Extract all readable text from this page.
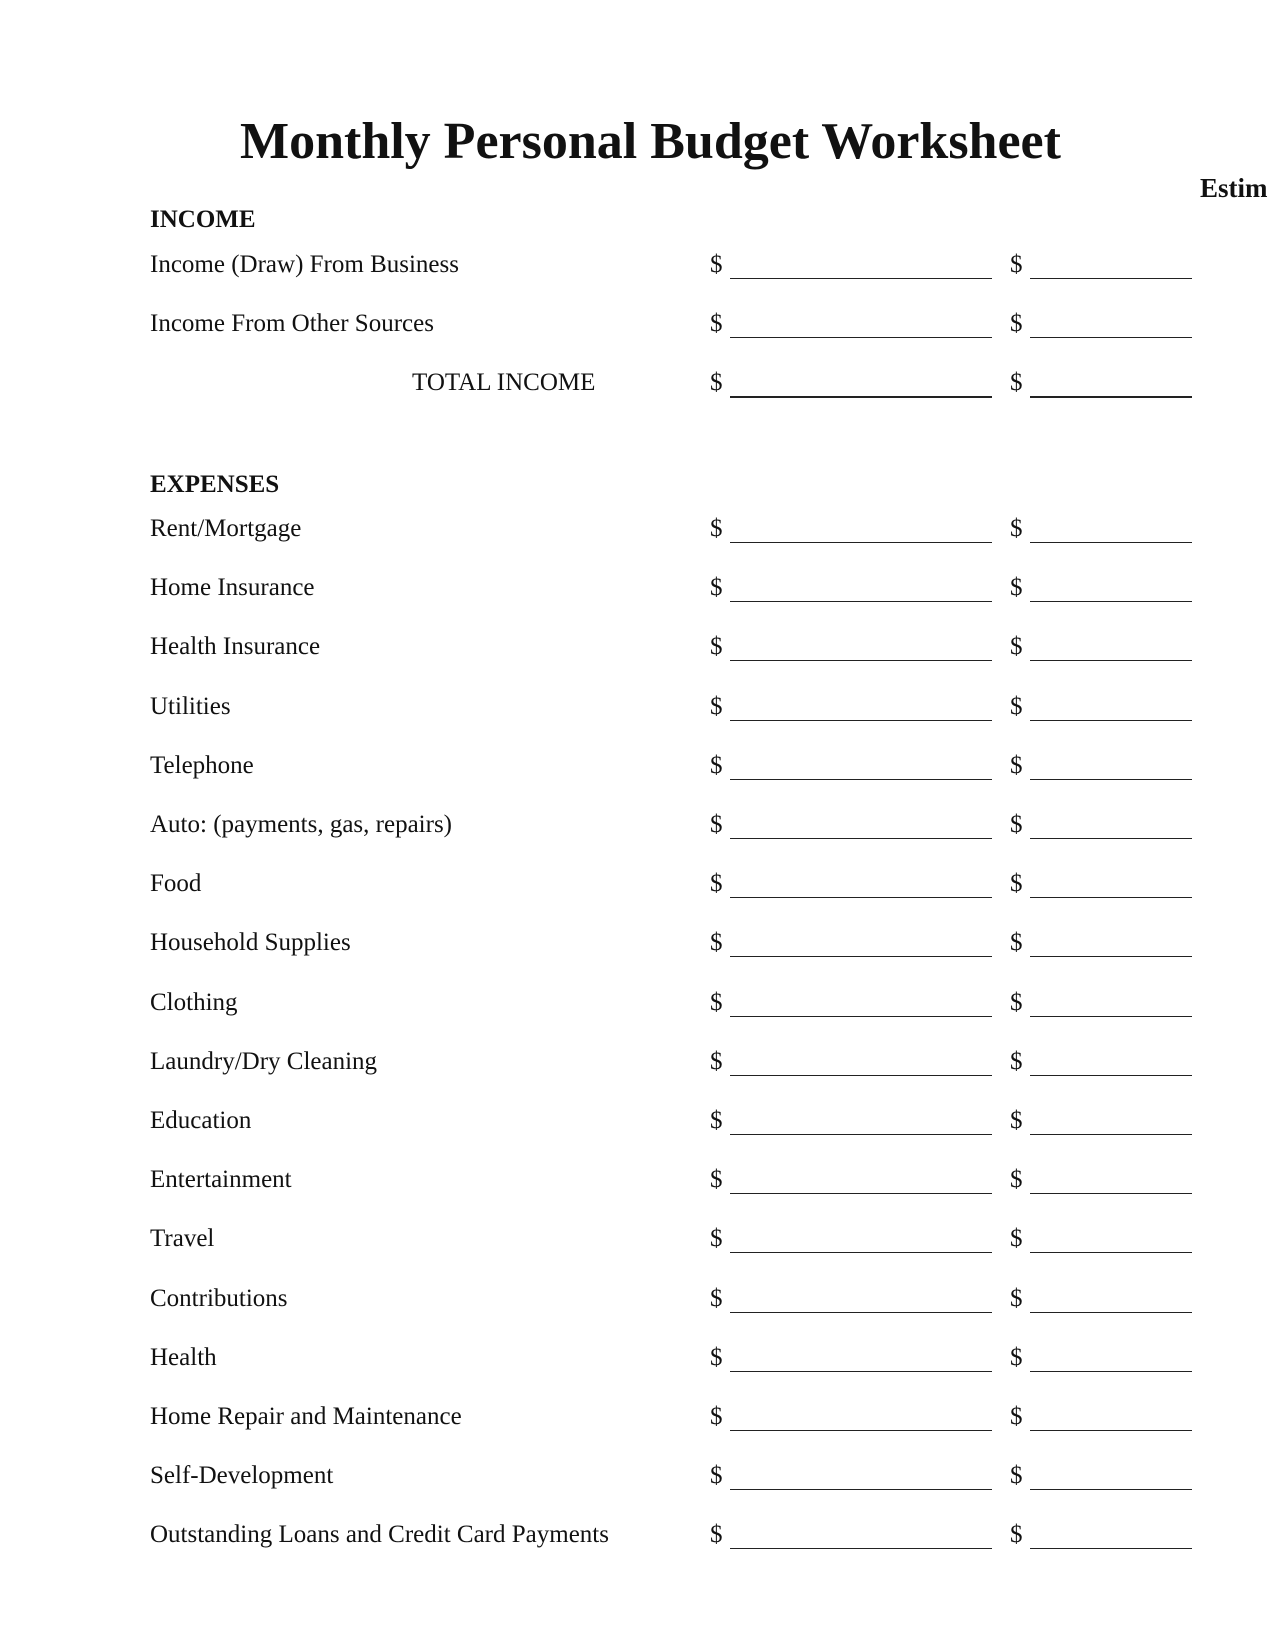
Monthly Personal Budget Worksheet
Estim
INCOME
Income (Draw) From Business	$	$
Income From Other Sources	$	$
TOTAL INCOME	$	$
EXPENSES
Rent/Mortgage	$	$
Home Insurance	$	$
Health Insurance	$	$
Utilities	$	$
Telephone	$	$
Auto: (payments, gas, repairs)	$	$
Food	$	$
Household Supplies	$	$
Clothing	$	$
Laundry/Dry Cleaning	$	$
Education	$	$
Entertainment	$	$
Travel	$	$
Contributions	$	$
Health	$	$
Home Repair and Maintenance	$	$
Self-Development	$	$
Outstanding Loans and Credit Card Payments	$	$
